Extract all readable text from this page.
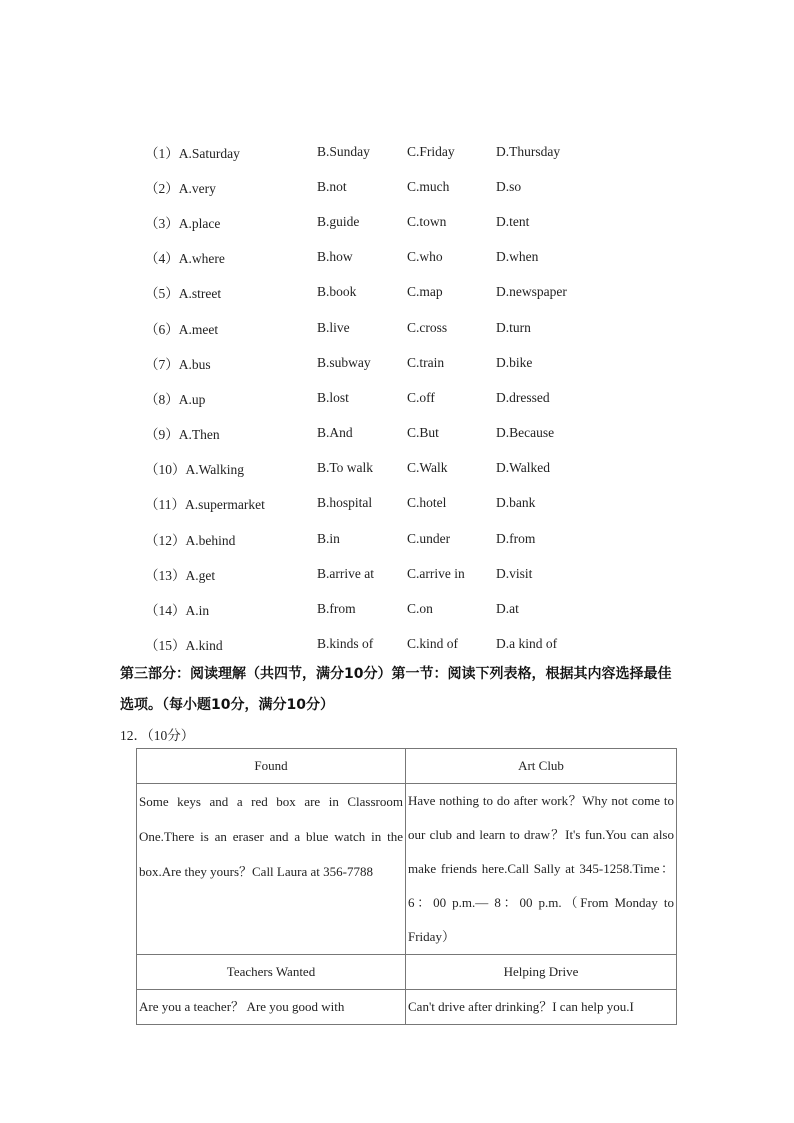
（1）A.Saturday	B.Sunday	C.Friday	D.Thursday
（2）A.very	B.not	C.much	D.so
（3）A.place	B.guide	C.town	D.tent
（4）A.where	B.how	C.who	D.when
（5）A.street	B.book	C.map	D.newspaper
（6）A.meet	B.live	C.cross	D.turn
（7）A.bus	B.subway	C.train	D.bike
（8）A.up	B.lost	C.off	D.dressed
（9）A.Then	B.And	C.But	D.Because
（10）A.Walking	B.To walk	C.Walk	D.Walked
（11）A.supermarket	B.hospital	C.hotel	D.bank
（12）A.behind	B.in	C.under	D.from
（13）A.get	B.arrive at	C.arrive in	D.visit
（14）A.in	B.from	C.on	D.at
（15）A.kind	B.kinds of	C.kind of	D.a kind of
第三部分：阅读理解（共四节，满分10分）第一节：阅读下列表格，根据其内容选择最佳
选项。（每小题10分，满分10分）
12．（10分）
Found	Art Club

Some keys and a red box are in Classroom One.There is an eraser and a blue watch in the box.Are they yours？Call Laura at 356-7788	Have nothing to do after work？Why not come to our club and learn to draw？It's fun.You can also make friends here.Call Sally at 345-1258.Time：6：00 p.m.— 8：00 p.m.（From Monday to Friday）

Teachers Wanted	Helping Drive

Are you a teacher？ Are you good with	Can't drive after drinking？I can help you.I
